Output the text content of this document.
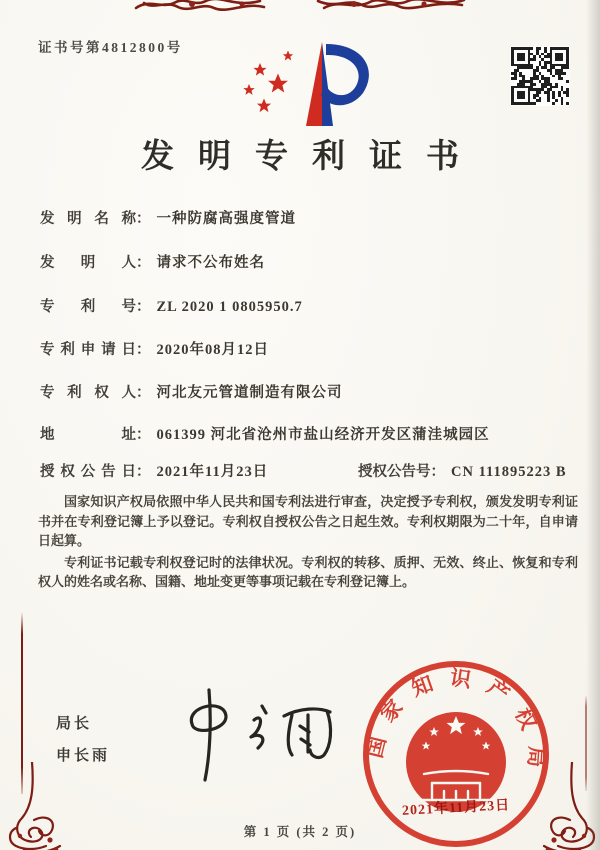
证书号第4812800号
发明专利证书
发明名称： 一种防腐高强度管道
发明人： 请求不公布姓名
专利号： ZL 2020 1 0805950.7
专利申请日： 2020年08月12日
专利权人： 河北友元管道制造有限公司
地址： 061399 河北省沧州市盐山经济开发区蒲洼城园区
授权公告日： 2021年11月23日	授权公告号： CN 111895223 B

国家知识产权局依照中华人民共和国专利法进行审查，决定授予专利权，颁发发明专利证书并在专利登记簿上予以登记。专利权自授权公告之日起生效。专利权期限为二十年，自申请日起算。

专利证书记载专利权登记时的法律状况。专利权的转移、质押、无效、终止、恢复和专利权人的姓名或名称、国籍、地址变更等事项记载在专利登记簿上。

局长
申长雨	国家知识产权局
2021年11月23日
第 1 页 (共 2 页)
